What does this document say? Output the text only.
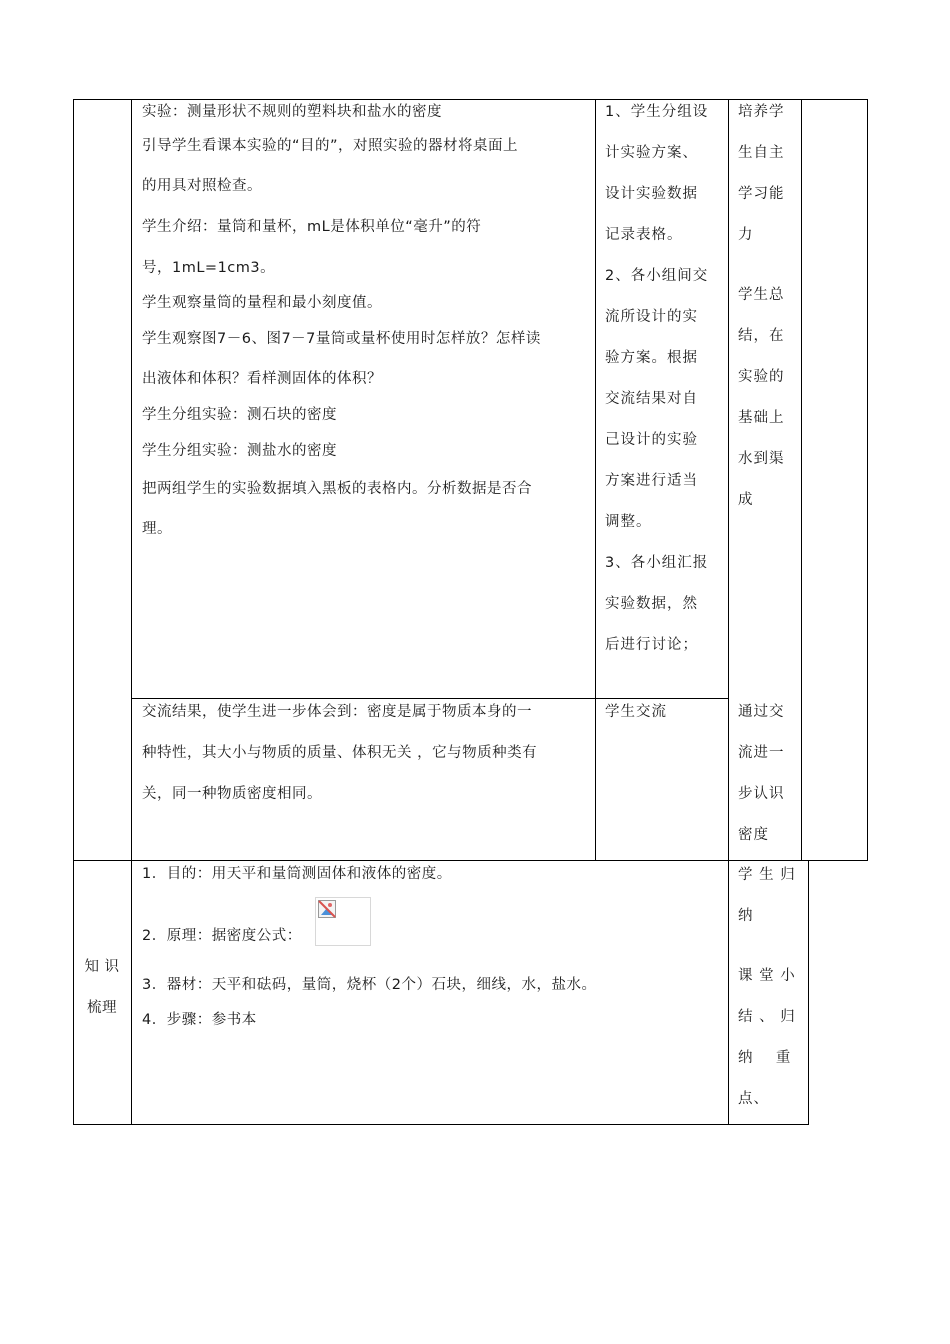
实验：测量形状不规则的塑料块和盐水的密度

引导学生看课本实验的“目的”，对照实验的器材将桌面上

的用具对照检查。

学生介绍：量筒和量杯，mL是体积单位“毫升”的符

号，1mL=1cm3。

学生观察量筒的量程和最小刻度值。

学生观察图7－6、图7－7量筒或量杯使用时怎样放？怎样读

出液体和体积？看样测固体的体积？

学生分组实验：测石块的密度

学生分组实验：测盐水的密度

把两组学生的实验数据填入黑板的表格内。分析数据是否合

理。

1、学生分组设

计实验方案、

设计实验数据

记录表格。

2、各小组间交

流所设计的实

验方案。根据

交流结果对自

己设计的实验

方案进行适当

调整。

3、各小组汇报

实验数据，然

后进行讨论；

培养学

生自主

学习能

力

学生总

结，在

实验的

基础上

水到渠

成

交流结果，使学生进一步体会到：密度是属于物质本身的一

种特性，其大小与物质的质量、体积无关 ，它与物质种类有

关，同一种物质密度相同。

学生交流	通过交

流进一

步认识

密度

知 识

梳理

1．目的：用天平和量筒测固体和液体的密度。

2．原理：据密度公式：

3．器材：天平和砝码，量筒，烧杯（2个）石块，细线，水，盐水。

4．步骤：参书本

学 生 归

纳

课 堂 小

结 、 归

纳    重

点、
